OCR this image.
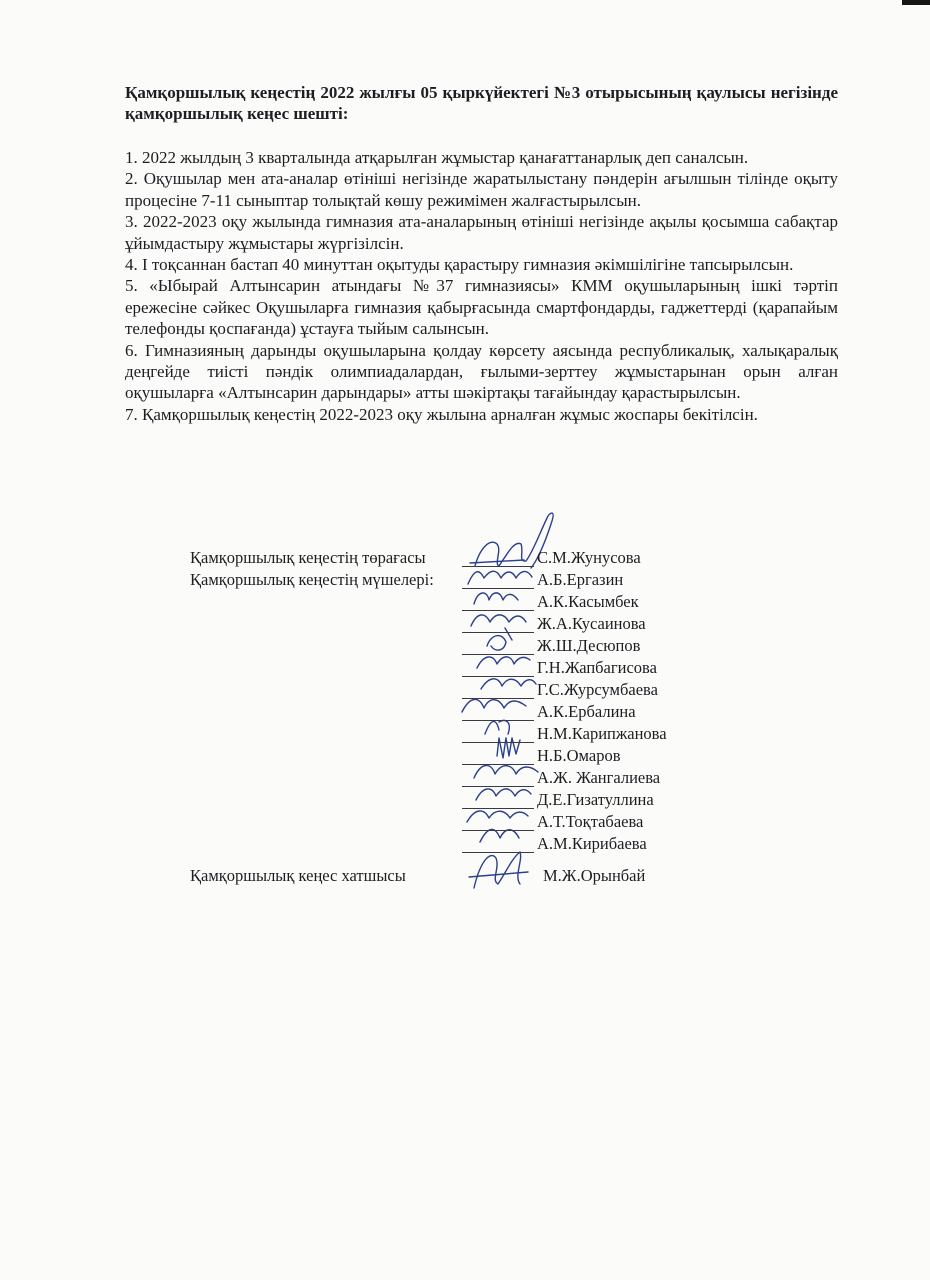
Қамқоршылық кеңестің 2022 жылғы 05 қыркүйектегі №3 отырысының қаулысы негізінде қамқоршылық кеңес шешті:

1. 2022 жылдың 3 кварталында атқарылған жұмыстар қанағаттанарлық деп саналсын.
2. Оқушылар мен ата-аналар өтініші негізінде жаратылыстану пәндерін ағылшын тілінде оқыту процесіне 7-11 сыныптар толықтай көшу режимімен жалғастырылсын.
3. 2022-2023 оқу жылында гимназия ата-аналарының өтініші негізінде ақылы қосымша сабақтар ұйымдастыру жұмыстары жүргізілсін.
4. І тоқсаннан бастап 40 минуттан оқытуды қарастыру гимназия әкімшілігіне тапсырылсын.
5. «Ыбырай Алтынсарин атындағы №37 гимназиясы» КММ оқушыларының ішкі тәртіп ережесіне сәйкес Оқушыларға гимназия қабырғасында смартфондарды, гаджеттерді (қарапайым телефонды қоспағанда) ұстауға тыйым салынсын.
6. Гимназияның дарынды оқушыларына қолдау көрсету аясында республикалық, халықаралық деңгейде тиісті пәндік олимпиадалардан, ғылыми-зерттеу жұмыстарынан орын алған оқушыларға «Алтынсарин дарындары» атты шәкіртақы тағайындау қарастырылсын.
7. Қамқоршылық кеңестің 2022-2023 оқу жылына арналған жұмыс жоспары бекітілсін.
Қамқоршылық кеңестің төрағасы
Қамқоршылық кеңестің мүшелері:
Қамқоршылық кеңес хатшысы
С.М.Жунусова
А.Б.Ергазин
А.К.Касымбек
Ж.А.Кусаинова
Ж.Ш.Десюпов
Г.Н.Жапбагисова
Г.С.Журсумбаева
А.К.Ербалина
Н.М.Карипжанова
Н.Б.Омаров
А.Ж. Жангалиева
Д.Е.Гизатуллина
А.Т.Тоқтабаева
А.М.Кирибаева
М.Ж.Орынбай
